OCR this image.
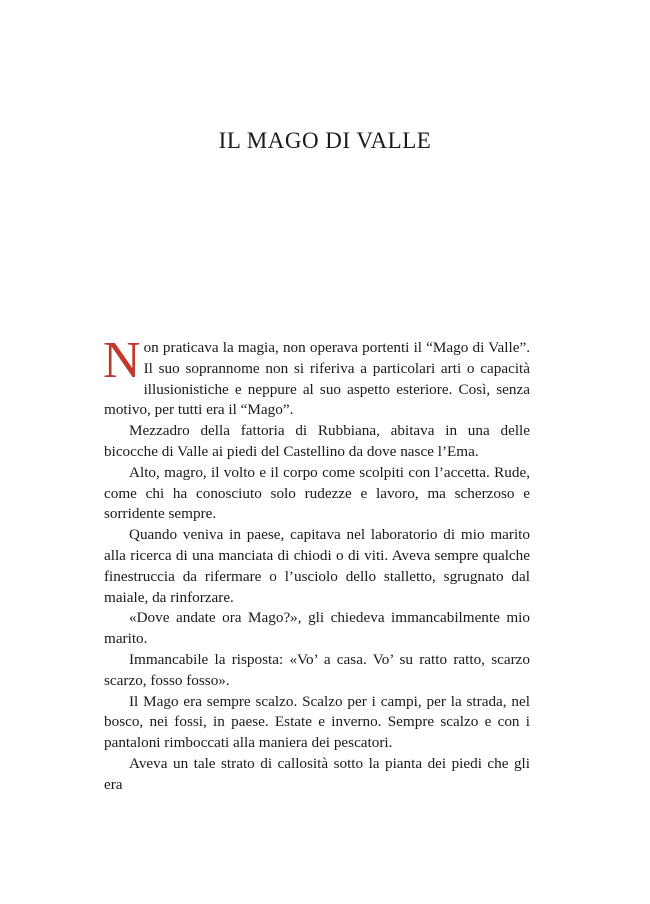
IL MAGO DI VALLE

Non praticava la magia, non operava portenti il “Mago di Valle”. Il suo soprannome non si riferiva a particolari arti o capacità illusionistiche e neppure al suo aspetto esteriore. Così, senza motivo, per tutti era il “Mago”.

Mezzadro della fattoria di Rubbiana, abitava in una delle bicocche di Valle ai piedi del Castellino da dove nasce l’Ema.

Alto, magro, il volto e il corpo come scolpiti con l’accetta. Rude, come chi ha conosciuto solo rudezze e lavoro, ma scherzoso e sorridente sempre.

Quando veniva in paese, capitava nel laboratorio di mio marito alla ricerca di una manciata di chiodi o di viti. Aveva sempre qualche finestruccia da rifermare o l’usciolo dello stalletto, sgrugnato dal maiale, da rinforzare.

«Dove andate ora Mago?», gli chiedeva immancabilmente mio marito.

Immancabile la risposta: «Vo’ a casa. Vo’ su ratto ratto, scarzo scarzo, fosso fosso».

Il Mago era sempre scalzo. Scalzo per i campi, per la strada, nel bosco, nei fossi, in paese. Estate e inverno. Sempre scalzo e con i pantaloni rimboccati alla maniera dei pescatori.

Aveva un tale strato di callosità sotto la pianta dei piedi che gli era
